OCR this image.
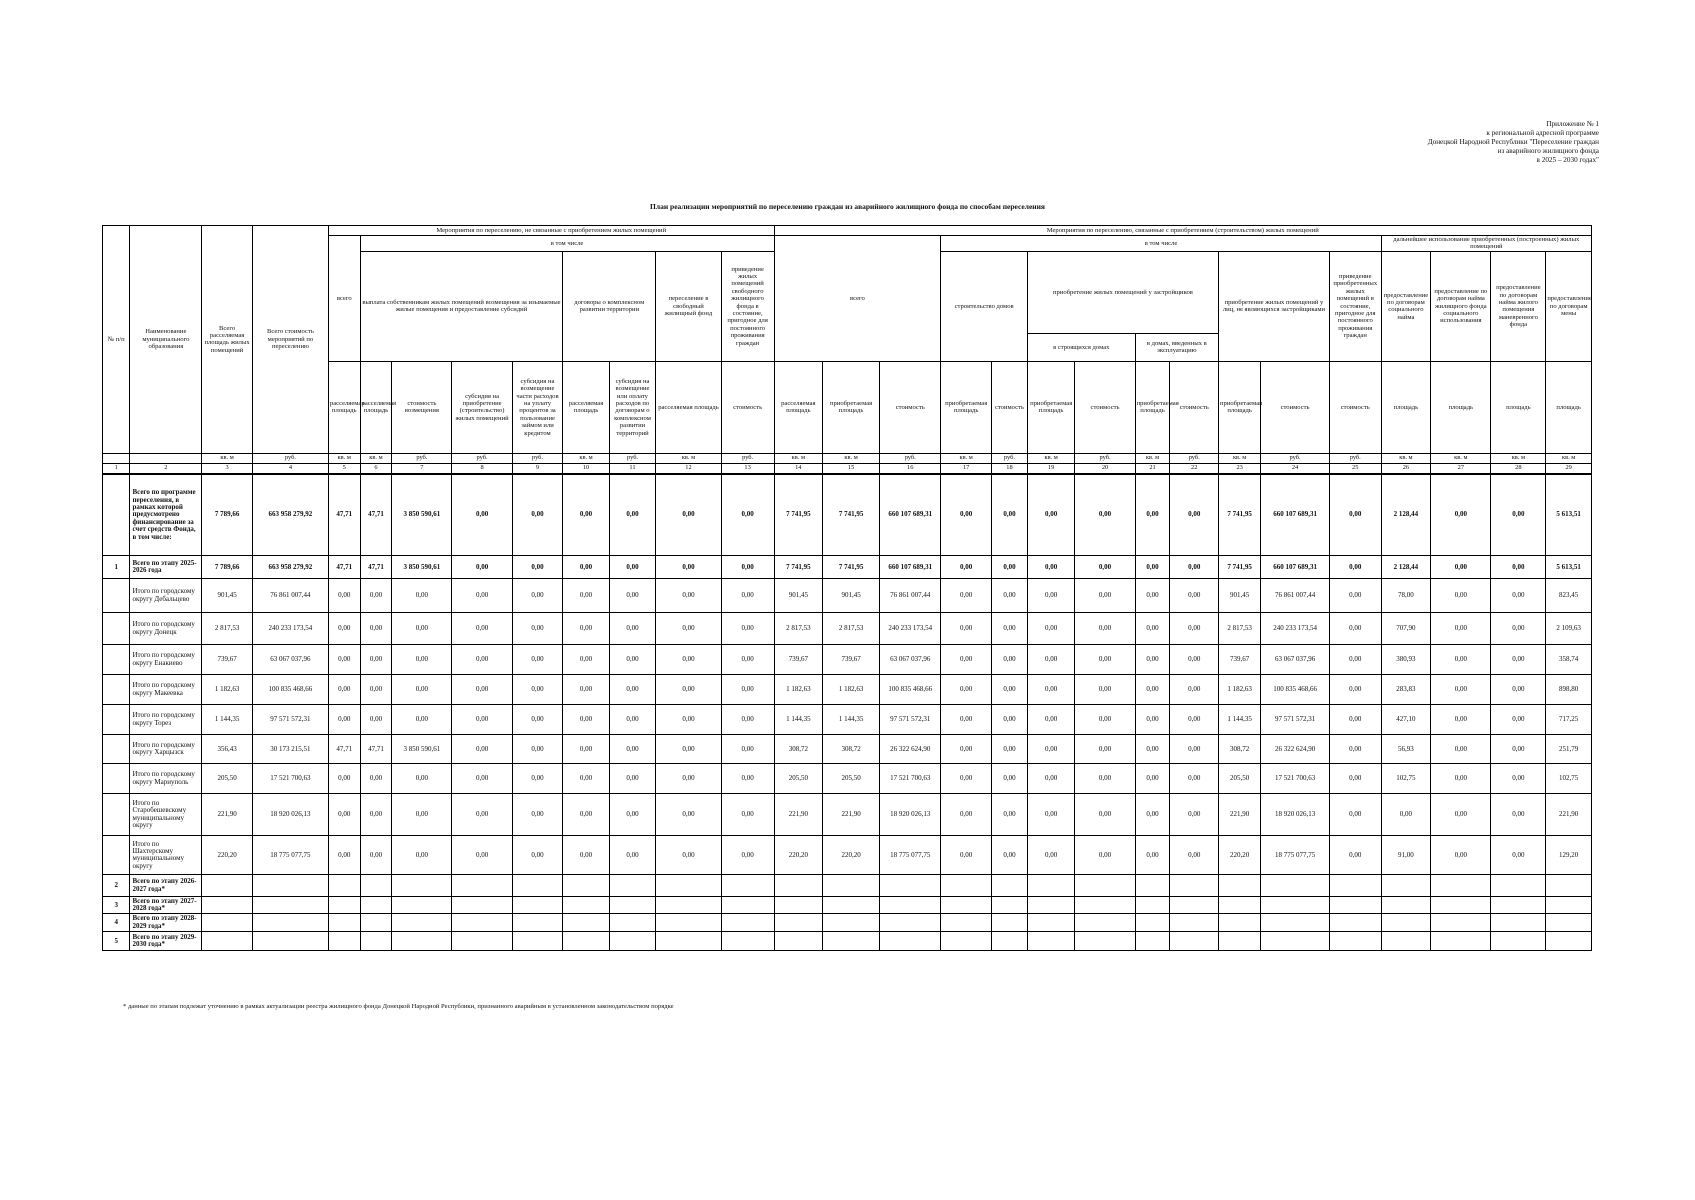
Приложение № 1
к региональной адресной программе
Донецкой Народной Республики "Переселение граждан
из аварийного жилищного фонда
в 2025 – 2030 годах"
План реализации мероприятий по переселению граждан из аварийного жилищного фонда по способам переселения
№ п/п	Наименование муниципального образования	Всего расселяемая площадь жилых помещений	Всего стоимость мероприятий по переселению	Мероприятия по переселению, не связанные с приобретением жилых помещений									Мероприятия по переселению, связанные с приобретением (строительством) жилых помещений															
				всего	в том числе								всего			в том числе									дальнейшее использование приобретенных (построенных) жилых помещений			
					выплата собственникам жилых помещений возмещения за изымаемые жилые помещения и предоставление субсидий				договоры о комплексном развитии территории		переселение в свободный жилищный фонд	приведение жилых помещений свободного жилищного фонда в состояние, пригодное для постоянного проживания граждан				строительство домов		приобретение жилых помещений у застройщиков				приобретение жилых помещений у лиц, не являющихся застройщиками		приведение приобретенных жилых помещений в состояние, пригодное для постоянного проживания граждан	предоставление по договорам социального найма	предоставление по договорам найма жилищного фонда социального использования	предоставление по договорам найма жилого помещения маневренного фонда	предоставление по договорам мены
																		в строящихся домах		в домах, введенных в эксплуатацию								
				расселяемая площадь	расселяемая площадь	стоимость возмещения	субсидия на приобретение (строительство) жилых помещений	субсидия на возмещение части расходов на уплату процентов за пользование займом или кредитом	расселяемая площадь	субсидия на возмещение или оплату расходов по договорам о комплексном развитии территорий	расселяемая площадь	стоимость	расселяемая площадь	приобретаемая площадь	стоимость	приобретаемая площадь	стоимость	приобретаемая площадь	стоимость	приобретаемая площадь	стоимость	приобретаемая площадь	стоимость	стоимость	площадь	площадь	площадь	площадь
		кв. м	руб.	кв. м	кв. м	руб.	руб.	руб.	кв. м	руб.	кв. м	руб.	кв. м	кв. м	руб.	кв. м	руб.	кв. м	руб.	кв. м	руб.	кв. м	руб.	руб.	кв. м	кв. м	кв. м	кв. м
1	2	3	4	5	6	7	8	9	10	11	12	13	14	15	16	17	18	19	20	21	22	23	24	25	26	27	28	29
	Всего по программе переселения, в рамках которой предусмотрено финансирование за счет средств Фонда, в том числе:	7 789,66	663 958 279,92	47,71	47,71	3 850 590,61	0,00	0,00	0,00	0,00	0,00	0,00	7 741,95	7 741,95	660 107 689,31	0,00	0,00	0,00	0,00	0,00	0,00	7 741,95	660 107 689,31	0,00	2 128,44	0,00	0,00	5 613,51
1	Всего по этапу 2025-2026 года	7 789,66	663 958 279,92	47,71	47,71	3 850 590,61	0,00	0,00	0,00	0,00	0,00	0,00	7 741,95	7 741,95	660 107 689,31	0,00	0,00	0,00	0,00	0,00	0,00	7 741,95	660 107 689,31	0,00	2 128,44	0,00	0,00	5 613,51
	Итого по городскому округу Дебальцево	901,45	76 861 007,44	0,00	0,00	0,00	0,00	0,00	0,00	0,00	0,00	0,00	901,45	901,45	76 861 007,44	0,00	0,00	0,00	0,00	0,00	0,00	901,45	76 861 007,44	0,00	78,00	0,00	0,00	823,45
	Итого по городскому округу Донецк	2 817,53	240 233 173,54	0,00	0,00	0,00	0,00	0,00	0,00	0,00	0,00	0,00	2 817,53	2 817,53	240 233 173,54	0,00	0,00	0,00	0,00	0,00	0,00	2 817,53	240 233 173,54	0,00	707,90	0,00	0,00	2 109,63
	Итого по городскому округу Енакиево	739,67	63 067 037,96	0,00	0,00	0,00	0,00	0,00	0,00	0,00	0,00	0,00	739,67	739,67	63 067 037,96	0,00	0,00	0,00	0,00	0,00	0,00	739,67	63 067 037,96	0,00	380,93	0,00	0,00	358,74
	Итого по городскому округу Макеевка	1 182,63	100 835 468,66	0,00	0,00	0,00	0,00	0,00	0,00	0,00	0,00	0,00	1 182,63	1 182,63	100 835 468,66	0,00	0,00	0,00	0,00	0,00	0,00	1 182,63	100 835 468,66	0,00	283,83	0,00	0,00	898,80
	Итого по городскому округу Торез	1 144,35	97 571 572,31	0,00	0,00	0,00	0,00	0,00	0,00	0,00	0,00	0,00	1 144,35	1 144,35	97 571 572,31	0,00	0,00	0,00	0,00	0,00	0,00	1 144,35	97 571 572,31	0,00	427,10	0,00	0,00	717,25
	Итого по городскому округу Харцызск	356,43	30 173 215,51	47,71	47,71	3 850 590,61	0,00	0,00	0,00	0,00	0,00	0,00	308,72	308,72	26 322 624,90	0,00	0,00	0,00	0,00	0,00	0,00	308,72	26 322 624,90	0,00	56,93	0,00	0,00	251,79
	Итого по городскому округу Мариуполь	205,50	17 521 700,63	0,00	0,00	0,00	0,00	0,00	0,00	0,00	0,00	0,00	205,50	205,50	17 521 700,63	0,00	0,00	0,00	0,00	0,00	0,00	205,50	17 521 700,63	0,00	102,75	0,00	0,00	102,75
	Итого по Старобешевскому муниципальному округу	221,90	18 920 026,13	0,00	0,00	0,00	0,00	0,00	0,00	0,00	0,00	0,00	221,90	221,90	18 920 026,13	0,00	0,00	0,00	0,00	0,00	0,00	221,90	18 920 026,13	0,00	0,00	0,00	0,00	221,90
	Итого по Шахтерскому муниципальному округу	220,20	18 775 077,75	0,00	0,00	0,00	0,00	0,00	0,00	0,00	0,00	0,00	220,20	220,20	18 775 077,75	0,00	0,00	0,00	0,00	0,00	0,00	220,20	18 775 077,75	0,00	91,00	0,00	0,00	129,20
2	Всего по этапу 2026-2027 года*																											
3	Всего по этапу 2027-2028 года*																											
4	Всего по этапу 2028-2029 года*																											
5	Всего по этапу 2029-2030 года*																											
* данные по этапам подлежат уточнению в рамках актуализации реестра жилищного фонда Донецкой Народной Республики, признанного аварийным в установленном законодательством порядке
